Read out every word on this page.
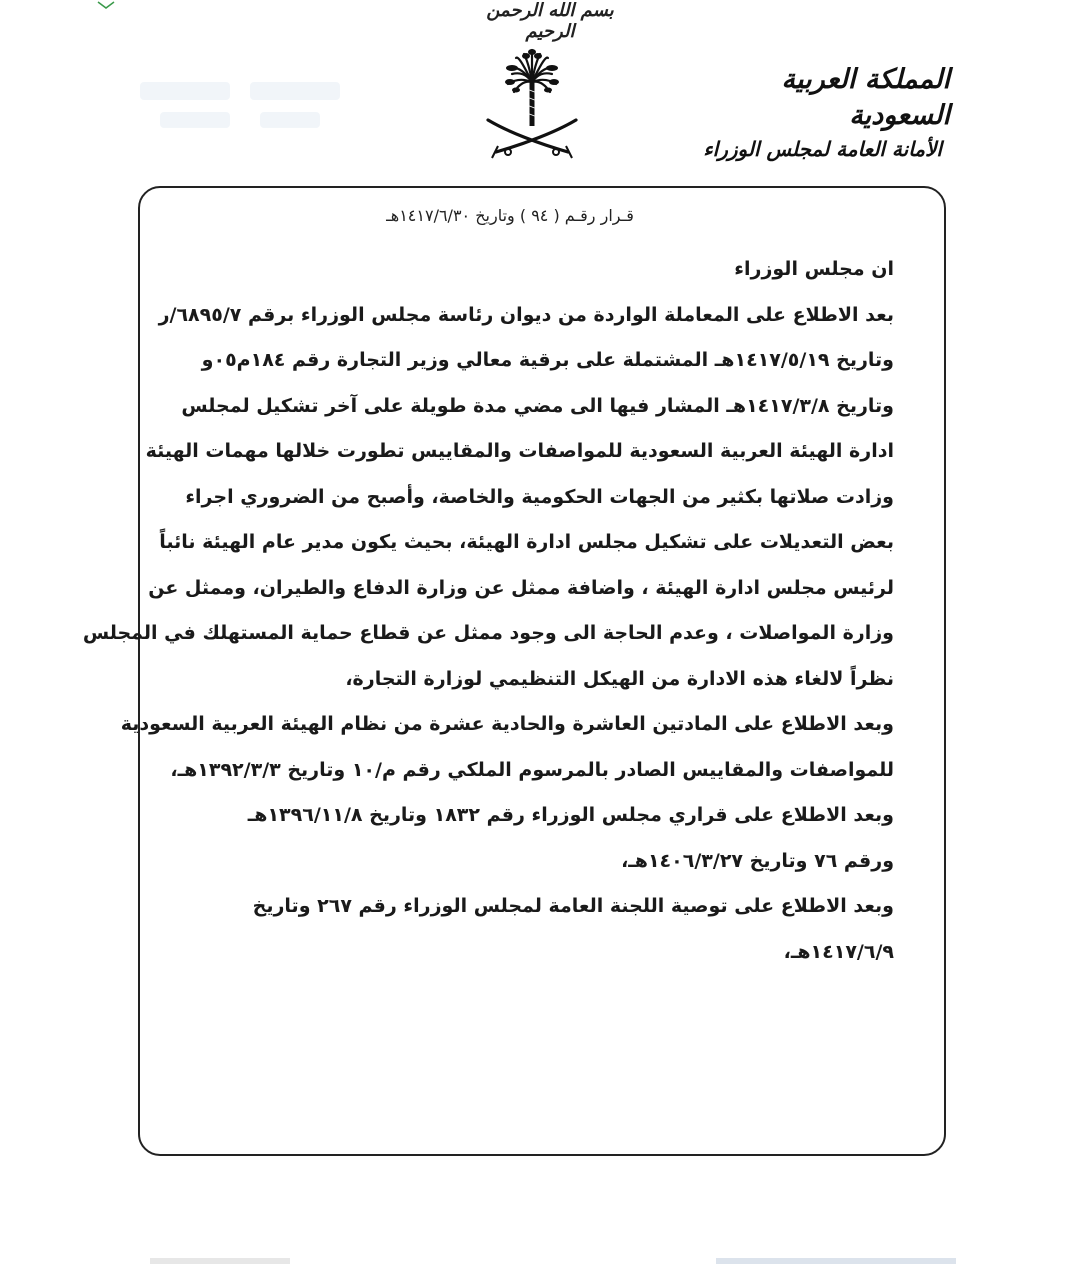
بسم الله الرحمن الرحيم
المملكة العربية السعودية
الأمانة العامة لمجلس الوزراء
قـرار رقـم ( ٩٤ ) وتاريخ ١٤١٧/٦/٣٠هـ
ان مجلس الوزراء
بعد الاطلاع على المعاملة الواردة من ديوان رئاسة مجلس الوزراء برقم ٦٨٩٥/٧/ر
وتاريخ ١٤١٧/٥/١٩هـ المشتملة على برقية معالي وزير التجارة رقم ١٨٤م٠٥و
وتاريخ ١٤١٧/٣/٨هـ المشار فيها الى مضي مدة طويلة على آخر تشكيل لمجلس
ادارة الهيئة العربية السعودية للمواصفات والمقاييس تطورت خلالها مهمات الهيئة
وزادت صلاتها بكثير من الجهات الحكومية والخاصة، وأصبح من الضروري اجراء
بعض التعديلات على تشكيل مجلس ادارة الهيئة، بحيث يكون مدير عام الهيئة نائباً
لرئيس مجلس ادارة الهيئة ، واضافة ممثل عن وزارة الدفاع والطيران، وممثل عن
وزارة المواصلات ، وعدم الحاجة الى وجود ممثل عن قطاع حماية المستهلك في المجلس
نظراً لالغاء هذه الادارة من الهيكل التنظيمي لوزارة التجارة،
وبعد الاطلاع على المادتين العاشرة والحادية عشرة من نظام الهيئة العربية السعودية
للمواصفات والمقاييس الصادر بالمرسوم الملكي رقم م/١٠ وتاريخ ١٣٩٢/٣/٣هـ،
وبعد الاطلاع على قراري مجلس الوزراء رقم ١٨٣٢ وتاريخ ١٣٩٦/١١/٨هـ
ورقم ٧٦ وتاريخ ١٤٠٦/٣/٢٧هـ،
وبعد الاطلاع على توصية اللجنة العامة لمجلس الوزراء رقم ٢٦٧ وتاريخ
١٤١٧/٦/٩هـ،
